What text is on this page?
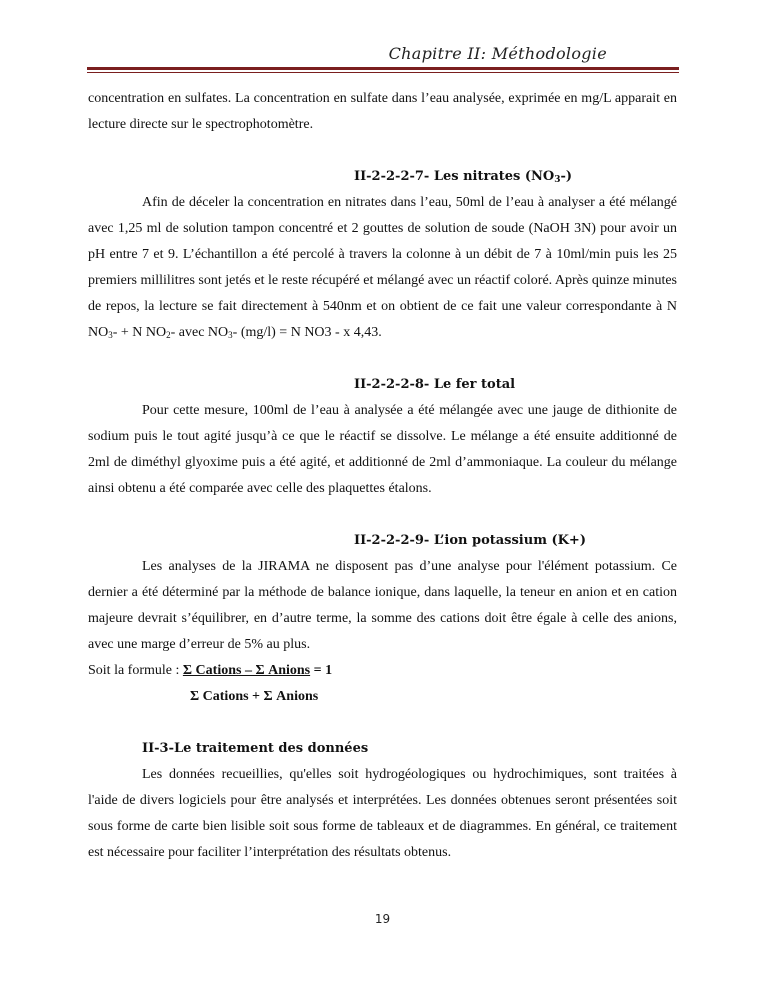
Chapitre II: Méthodologie

concentration en sulfates. La concentration en sulfate dans l’eau analysée, exprimée en mg/L apparait en lecture directe sur le spectrophotomètre.

II-2-2-2-7- Les nitrates $(NO_3-)$

Afin de déceler la concentration en nitrates dans l’eau, 50ml de l’eau à analyser a été mélangé avec 1,25 ml de solution tampon concentré et 2 gouttes de solution de soude (NaOH 3N) pour avoir un pH entre 7 et 9. L’échantillon a été percolé à travers la colonne à un débit de 7 à 10ml/min puis les 25 premiers millilitres sont jetés et le reste récupéré et mélangé avec un réactif coloré. Après quinze minutes de repos, la lecture se fait directement à 540nm et on obtient de ce fait une valeur correspondante à N $NO_3- + N$ $NO_2-$ avec $NO_3-$ (mg/l) = N NO3 - x 4,43.

II-2-2-2-8- Le fer total

Pour cette mesure, 100ml de l’eau à analysée a été mélangée avec une jauge de dithionite de sodium puis le tout agité jusqu’à ce que le réactif se dissolve. Le mélange a été ensuite additionné de 2ml de diméthyl glyoxime puis a été agité, et additionné de 2ml d’ammoniaque. La couleur du mélange ainsi obtenu a été comparée avec celle des plaquettes étalons.

II-2-2-2-9- L’ion potassium (K+)

Les analyses de la JIRAMA ne disposent pas d’une analyse pour l'élément potassium. Ce dernier a été déterminé par la méthode de balance ionique, dans laquelle, la teneur en anion et en cation majeure devrait s’équilibrer, en d’autre terme, la somme des cations doit être égale à celle des anions, avec une marge d’erreur de 5% au plus.

Soit la formule : Σ Cations – Σ Anions = 1
Σ Cations + Σ Anions
II-3-Le traitement des données

Les données recueillies, qu'elles soit hydrogéologiques ou hydrochimiques, sont traitées à l'aide de divers logiciels pour être analysés et interprétées. Les données obtenues seront présentées soit sous forme de carte bien lisible soit sous forme de tableaux et de diagrammes. En général, ce traitement est nécessaire pour faciliter l’interprétation des résultats obtenus.

19
